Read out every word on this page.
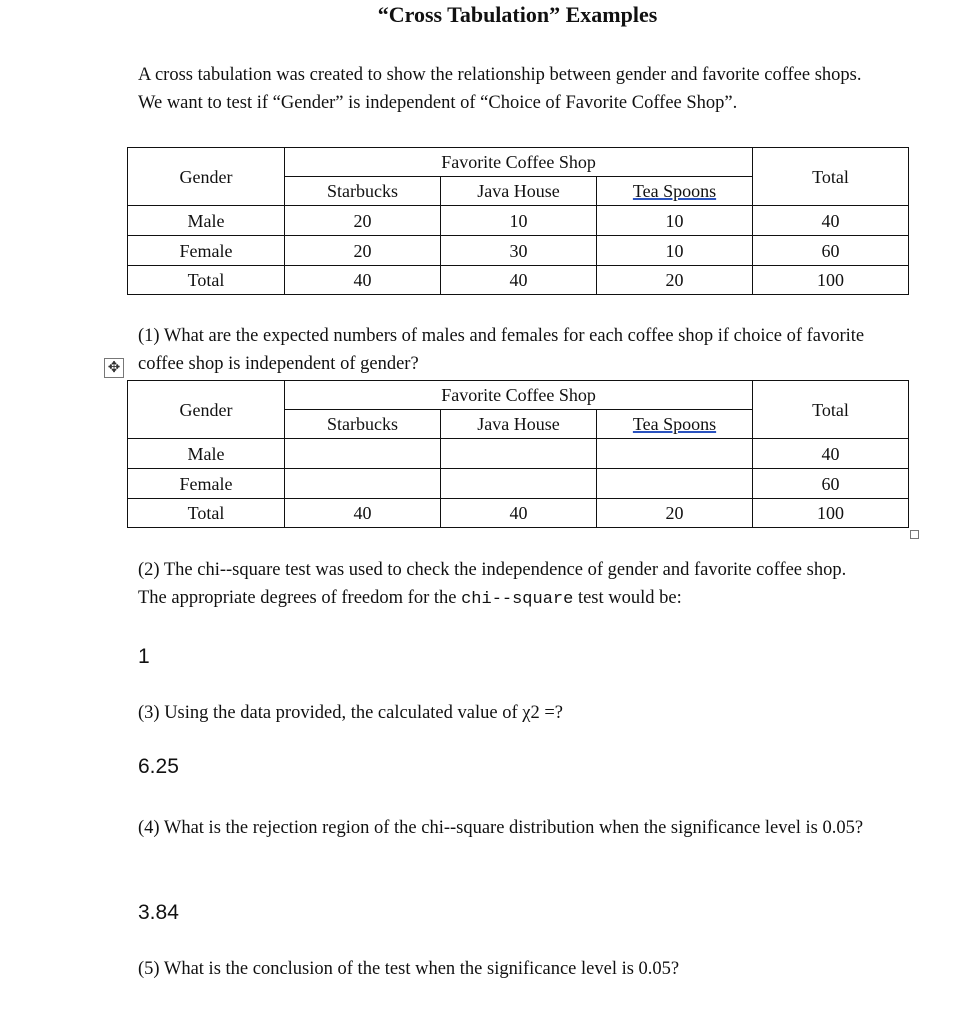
“Cross Tabulation” Examples

A cross tabulation was created to show the relationship between gender and favorite coffee shops. We want to test if “Gender” is independent of “Choice of Favorite Coffee Shop”.

Gender	Favorite Coffee Shop			Total
	Starbucks	Java House	Tea Spoons	
Male	20	10	10	40
Female	20	30	10	60
Total	40	40	20	100

(1) What are the expected numbers of males and females for each coffee shop if choice of favorite coffee shop is independent of gender?

✥
Gender	Favorite Coffee Shop			Total
	Starbucks	Java House	Tea Spoons	
Male				40
Female				60
Total	40	40	20	100

(2) The chi‑‑square test was used to check the independence of gender and favorite coffee shop. The appropriate degrees of freedom for the chi‑‑square test would be:

1

(3) Using the data provided, the calculated value of χ2 =?

6.25

(4) What is the rejection region of the chi‑‑square distribution when the significance level is 0.05?

3.84

(5) What is the conclusion of the test when the significance level is 0.05?
